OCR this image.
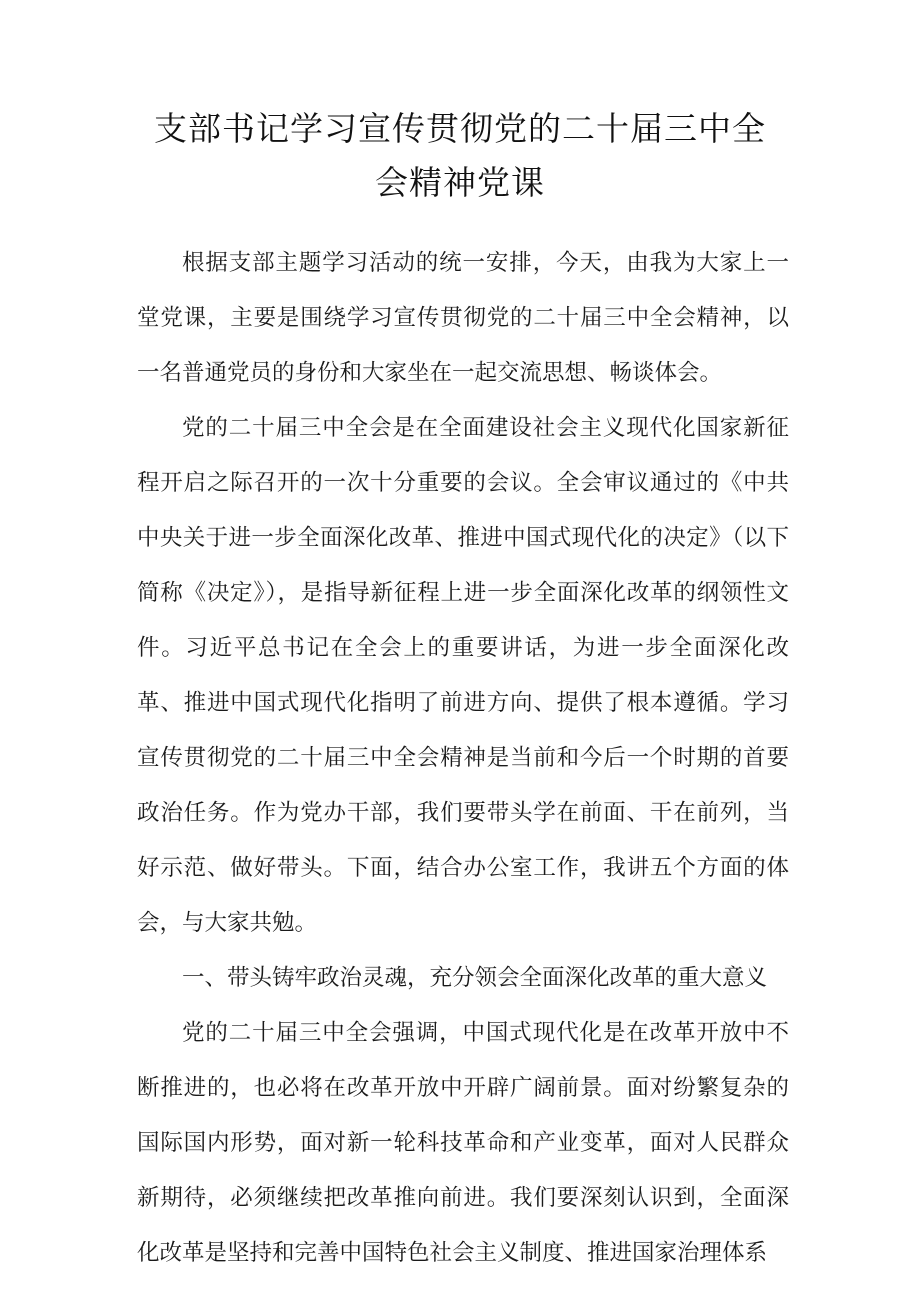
支部书记学习宣传贯彻党的二十届三中全
会精神党课

根据支部主题学习活动的统一安排，今天，由我为大家上一堂党课，主要是围绕学习宣传贯彻党的二十届三中全会精神，以一名普通党员的身份和大家坐在一起交流思想、畅谈体会。

党的二十届三中全会是在全面建设社会主义现代化国家新征程开启之际召开的一次十分重要的会议。全会审议通过的《中共中央关于进一步全面深化改革、推进中国式现代化的决定》（以下简称《决定》），是指导新征程上进一步全面深化改革的纲领性文件。习近平总书记在全会上的重要讲话，为进一步全面深化改革、推进中国式现代化指明了前进方向、提供了根本遵循。学习宣传贯彻党的二十届三中全会精神是当前和今后一个时期的首要政治任务。作为党办干部，我们要带头学在前面、干在前列，当好示范、做好带头。下面，结合办公室工作，我讲五个方面的体会，与大家共勉。

一、带头铸牢政治灵魂，充分领会全面深化改革的重大意义

党的二十届三中全会强调，中国式现代化是在改革开放中不断推进的，也必将在改革开放中开辟广阔前景。面对纷繁复杂的国际国内形势，面对新一轮科技革命和产业变革，面对人民群众新期待，必须继续把改革推向前进。我们要深刻认识到，全面深化改革是坚持和完善中国特色社会主义制度、推进国家治理体系
